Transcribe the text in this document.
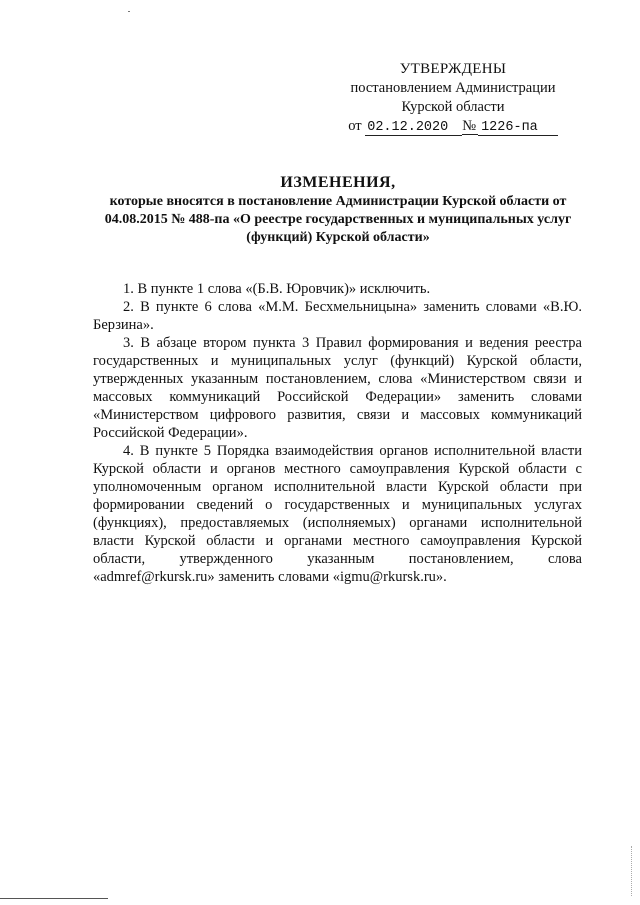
УТВЕРЖДЕНЫ
постановлением Администрации
Курской области
от 02.12.2020 № 1226-па
ИЗМЕНЕНИЯ,
которые вносятся в постановление Администрации Курской области от 04.08.2015 № 488-па «О реестре государственных и муниципальных услуг (функций) Курской области»

1. В пункте 1 слова «(Б.В. Юровчик)» исключить.

2. В пункте 6 слова «М.М. Бесхмельницына» заменить словами «В.Ю. Берзина».

3. В абзаце втором пункта 3 Правил формирования и ведения реестра государственных и муниципальных услуг (функций) Курской области, утвержденных указанным постановлением, слова «Министерством связи и массовых коммуникаций Российской Федерации» заменить словами «Министерством цифрового развития, связи и массовых коммуникаций Российской Федерации».

4. В пункте 5 Порядка взаимодействия органов исполнительной власти Курской области и органов местного самоуправления Курской области с уполномоченным органом исполнительной власти Курской области при формировании сведений о государственных и муниципальных услугах (функциях), предоставляемых (исполняемых) органами исполнительной власти Курской области и органами местного самоуправления Курской области, утвержденного указанным постановлением, слова «admref@rkursk.ru» заменить словами «igmu@rkursk.ru».
